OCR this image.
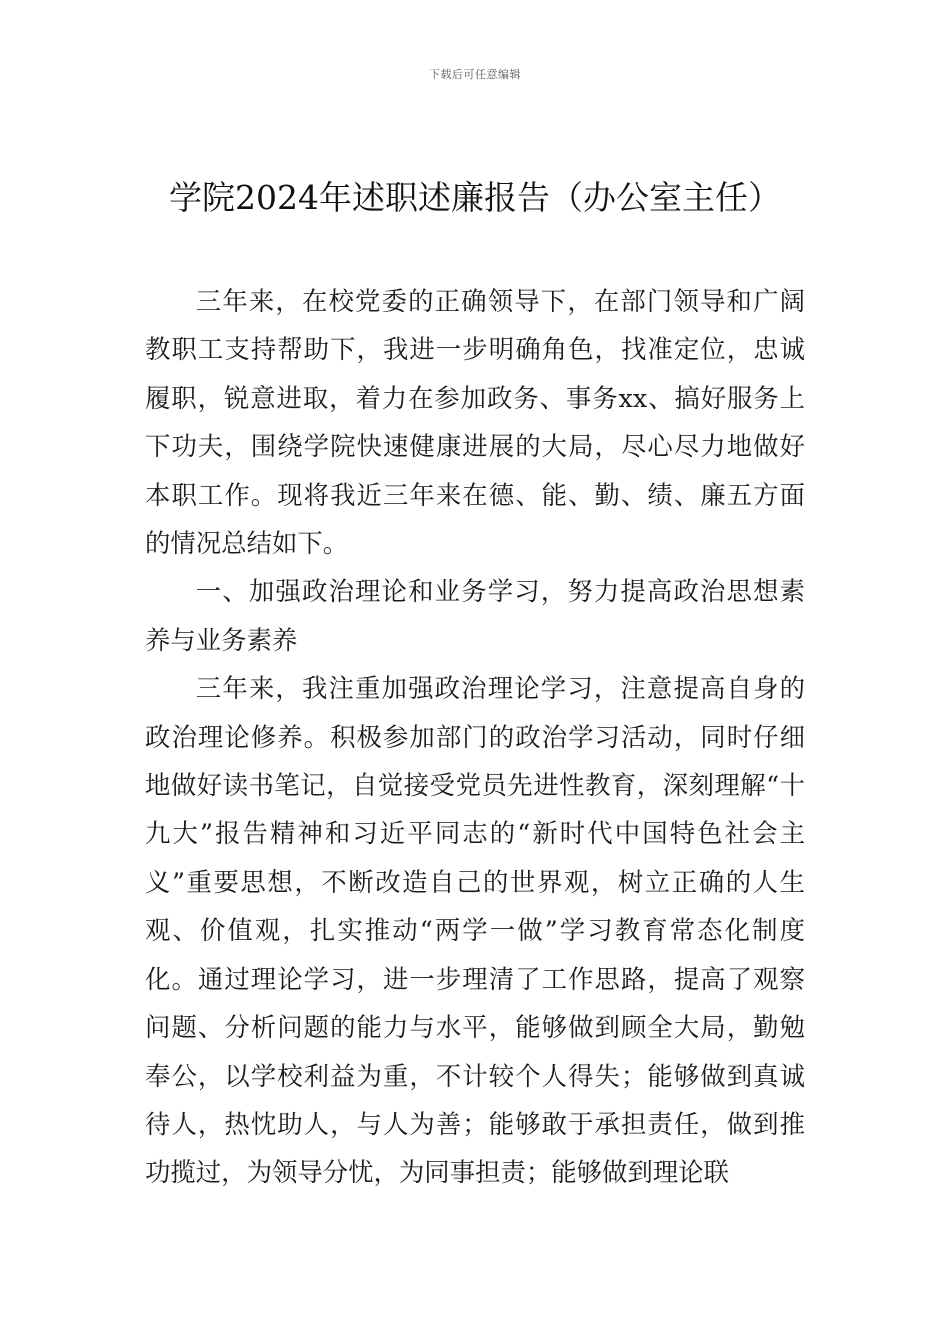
下载后可任意编辑
学院2024年述职述廉报告（办公室主任）

三年来，在校党委的正确领导下，在部门领导和广阔教职工支持帮助下，我进一步明确角色，找准定位，忠诚履职，锐意进取，着力在参加政务、事务xx、搞好服务上下功夫，围绕学院快速健康进展的大局，尽心尽力地做好本职工作。现将我近三年来在德、能、勤、绩、廉五方面的情况总结如下。

一、加强政治理论和业务学习，努力提高政治思想素养与业务素养

三年来，我注重加强政治理论学习，注意提高自身的政治理论修养。积极参加部门的政治学习活动，同时仔细地做好读书笔记，自觉接受党员先进性教育，深刻理解“十九大”报告精神和习近平同志的“新时代中国特色社会主义”重要思想，不断改造自己的世界观，树立正确的人生观、价值观，扎实推动“两学一做”学习教育常态化制度化。通过理论学习，进一步理清了工作思路，提高了观察问题、分析问题的能力与水平，能够做到顾全大局，勤勉奉公，以学校利益为重，不计较个人得失；能够做到真诚待人，热忱助人，与人为善；能够敢于承担责任，做到推功揽过，为领导分忧，为同事担责；能够做到理论联
